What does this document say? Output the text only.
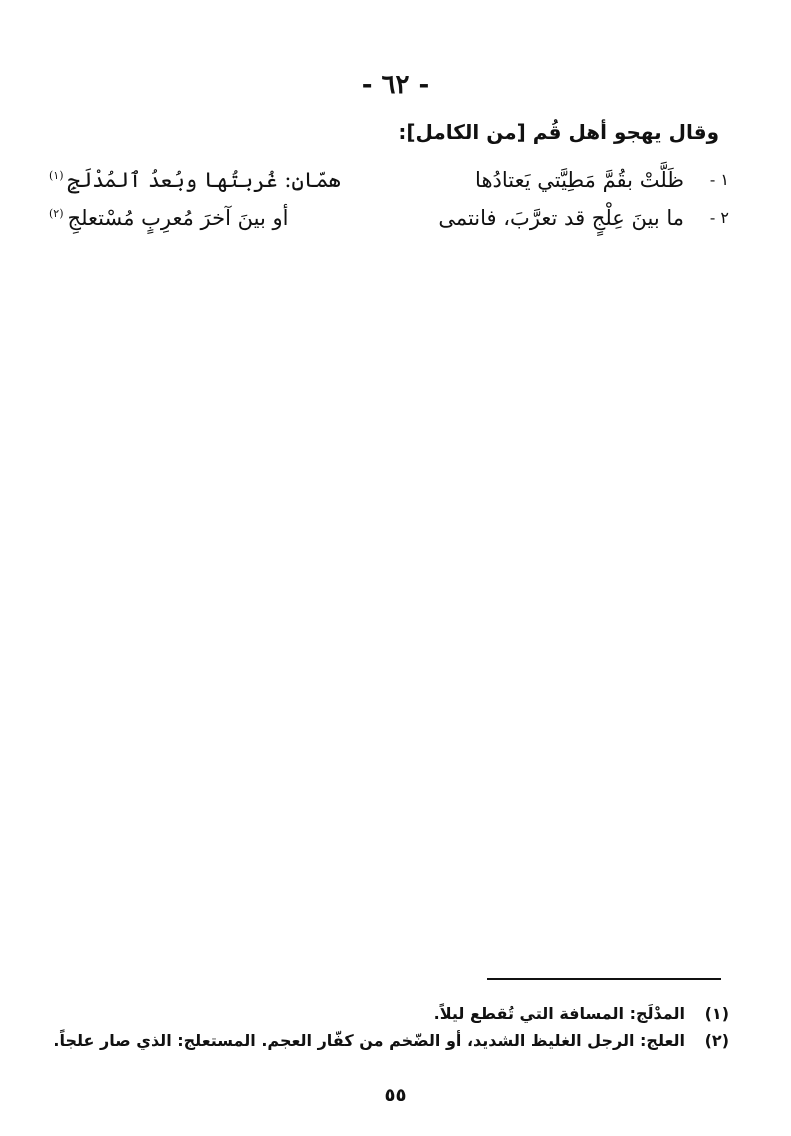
- ٦٢ -
وقال يهجو أهل قُم [من الكامل]:
١ -
ظَلَّتْ بقُمَّ مَطِيَّتي يَعتادُها
همّانِ: غُربتُها وبُعدُ ٱلمُدْلَجِ$^{(١)}$
٢ -
ما بينَ عِلْجٍ قد تعرَّبَ، فانتمى
أو بينَ آخرَ مُعرِبٍ مُسْتعلجِ$^{(٢)}$
(١)المدْلَج: المسافة التي تُقطع ليلاً.
(٢)العلج: الرجل الغليظ الشديد، أو الضّخم من كفّار العجم. المستعلج: الذي صار علجاً.
٥٥
